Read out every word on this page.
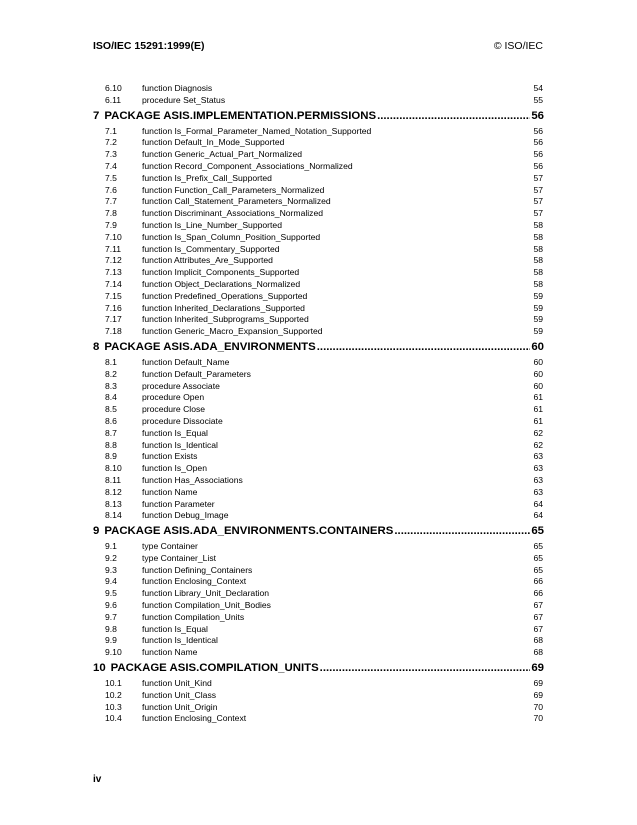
ISO/IEC 15291:1999(E)	© ISO/IEC
6.10 function Diagnosis	54
6.11 procedure Set_Status	55
7 PACKAGE ASIS.IMPLEMENTATION.PERMISSIONS .....	56
7.1	function Is_Formal_Parameter_Named_Notation_Supported	56
7.2	function Default_In_Mode_Supported	56
7.3	function Generic_Actual_Part_Normalized	56
7.4	function Record_Component_Associations_Normalized	56
7.5	function Is_Prefix_Call_Supported	57
7.6	function Function_Call_Parameters_Normalized	57
7.7	function Call_Statement_Parameters_Normalized	57
7.8	function Discriminant_Associations_Normalized	57
7.9	function Is_Line_Number_Supported	58
7.10 function Is_Span_Column_Position_Supported	58
7.11 function Is_Commentary_Supported	58
7.12 function Attributes_Are_Supported	58
7.13 function Implicit_Components_Supported	58
7.14 function Object_Declarations_Normalized	58
7.15 function Predefined_Operations_Supported	59
7.16 function Inherited_Declarations_Supported	59
7.17 function Inherited_Subprograms_Supported	59
7.18 function Generic_Macro_Expansion_Supported	59
8 PACKAGE ASIS.ADA_ENVIRONMENTS .....	60
8.1	function Default_Name	60
8.2	function Default_Parameters	60
8.3	procedure Associate	60
8.4	procedure Open	61
8.5	procedure Close	61
8.6	procedure Dissociate	61
8.7	function Is_Equal	62
8.8	function Is_Identical	62
8.9	function Exists	63
8.10 function Is_Open	63
8.11 function Has_Associations	63
8.12 function Name	63
8.13 function Parameter	64
8.14 function Debug_Image	64
9 PACKAGE ASIS.ADA_ENVIRONMENTS.CONTAINERS .....	65
9.1	type Container	65
9.2	type Container_List	65
9.3	function Defining_Containers	65
9.4	function Enclosing_Context	66
9.5	function Library_Unit_Declaration	66
9.6	function Compilation_Unit_Bodies	67
9.7	function Compilation_Units	67
9.8	function Is_Equal	67
9.9	function Is_Identical	68
9.10 function Name	68
10 PACKAGE ASIS.COMPILATION_UNITS .....	69
10.1 function Unit_Kind	69
10.2 function Unit_Class	69
10.3 function Unit_Origin	70
10.4 function Enclosing_Context	70
iv
